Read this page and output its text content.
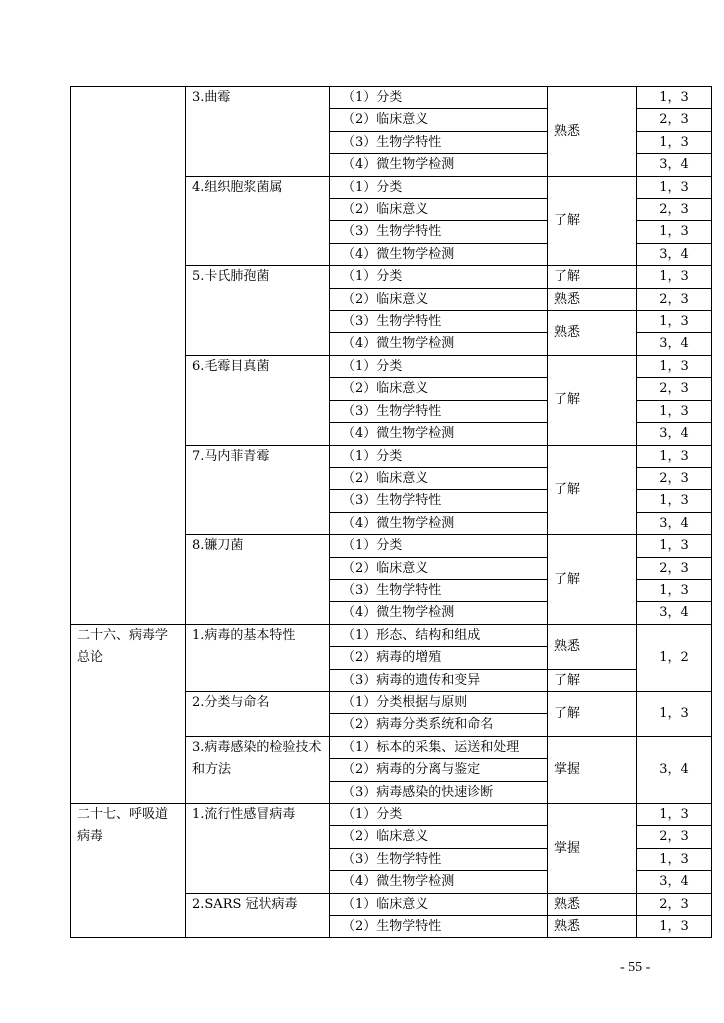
	3.曲霉	（1）分类	熟悉	1，3
		（2）临床意义		2，3
		（3）生物学特性		1，3
		（4）微生物学检测		3，4
	4.组织胞浆菌属	（1）分类	了解	1，3
		（2）临床意义		2，3
		（3）生物学特性		1，3
		（4）微生物学检测		3，4
	5.卡氏肺孢菌	（1）分类	了解	1，3
		（2）临床意义	熟悉	2，3
		（3）生物学特性	熟悉	1，3
		（4）微生物学检测		3，4
	6.毛霉目真菌	（1）分类	了解	1，3
		（2）临床意义		2，3
		（3）生物学特性		1，3
		（4）微生物学检测		3，4
	7.马内菲青霉	（1）分类	了解	1，3
		（2）临床意义		2，3
		（3）生物学特性		1，3
		（4）微生物学检测		3，4
	8.镰刀菌	（1）分类	了解	1，3
		（2）临床意义		2，3
		（3）生物学特性		1，3
		（4）微生物学检测		3，4
二十六、病毒学总论	1.病毒的基本特性	（1）形态、结构和组成	熟悉	1，2
		（2）病毒的增殖		
		（3）病毒的遗传和变异	了解	
	2.分类与命名	（1）分类根据与原则	了解	1，3
		（2）病毒分类系统和命名		
	3.病毒感染的检验技术和方法	（1）标本的采集、运送和处理	掌握	3，4
		（2）病毒的分离与鉴定		
		（3）病毒感染的快速诊断		
二十七、呼吸道病毒	1.流行性感冒病毒	（1）分类	掌握	1，3
		（2）临床意义		2，3
		（3）生物学特性		1，3
		（4）微生物学检测		3，4
	2.SARS 冠状病毒	（1）临床意义	熟悉	2，3
		（2）生物学特性	熟悉	1，3
- 55 -
